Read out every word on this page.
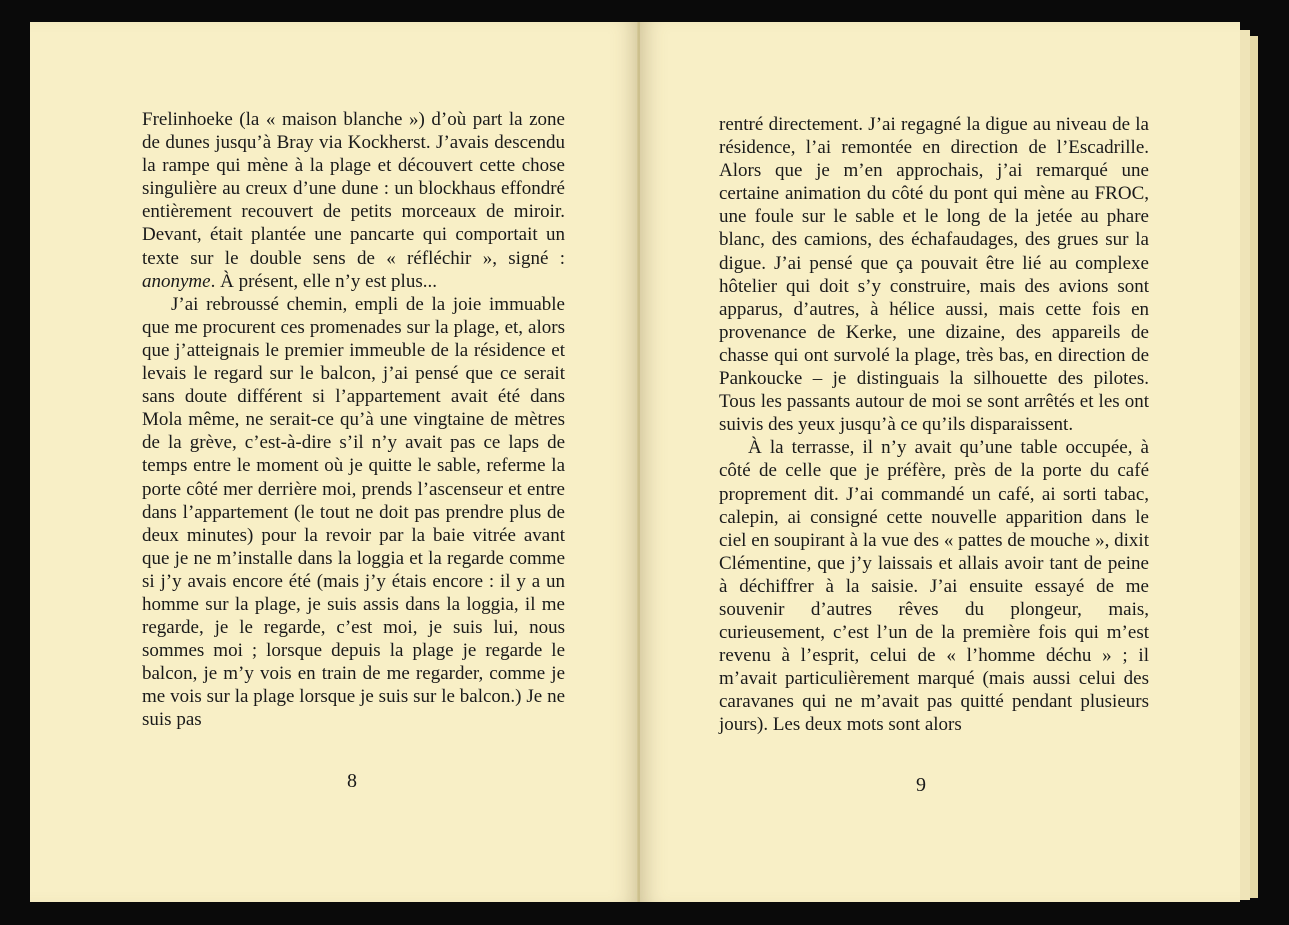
Frelinhoeke (la « maison blanche ») d’où part la zone de dunes jusqu’à Bray via Kockherst. J’avais descendu la rampe qui mène à la plage et découvert cette chose singulière au creux d’une dune : un blockhaus effondré entièrement recouvert de petits morceaux de miroir. Devant, était plantée une pancarte qui comportait un texte sur le double sens de « réfléchir », signé : anonyme. À présent, elle n’y est plus...

J’ai rebroussé chemin, empli de la joie immuable que me procurent ces promenades sur la plage, et, alors que j’atteignais le premier immeuble de la résidence et levais le regard sur le balcon, j’ai pensé que ce serait sans doute différent si l’appartement avait été dans Mola même, ne serait-ce qu’à une vingtaine de mètres de la grève, c’est-à-dire s’il n’y avait pas ce laps de temps entre le moment où je quitte le sable, referme la porte côté mer derrière moi, prends l’ascenseur et entre dans l’appartement (le tout ne doit pas prendre plus de deux minutes) pour la revoir par la baie vitrée avant que je ne m’installe dans la loggia et la regarde comme si j’y avais encore été (mais j’y étais encore : il y a un homme sur la plage, je suis assis dans la loggia, il me regarde, je le regarde, c’est moi, je suis lui, nous sommes moi ; lorsque depuis la plage je regarde le balcon, je m’y vois en train de me regarder, comme je me vois sur la plage lorsque je suis sur le balcon.) Je ne suis pas

8

rentré directement. J’ai regagné la digue au niveau de la résidence, l’ai remontée en direction de l’Escadrille. Alors que je m’en approchais, j’ai remarqué une certaine animation du côté du pont qui mène au FROC, une foule sur le sable et le long de la jetée au phare blanc, des camions, des échafaudages, des grues sur la digue. J’ai pensé que ça pouvait être lié au complexe hôtelier qui doit s’y construire, mais des avions sont apparus, d’autres, à hélice aussi, mais cette fois en provenance de Kerke, une dizaine, des appareils de chasse qui ont survolé la plage, très bas, en direction de Pankoucke – je distinguais la silhouette des pilotes. Tous les passants autour de moi se sont arrêtés et les ont suivis des yeux jusqu’à ce qu’ils disparaissent.

À la terrasse, il n’y avait qu’une table occupée, à côté de celle que je préfère, près de la porte du café proprement dit. J’ai commandé un café, ai sorti tabac, calepin, ai consigné cette nouvelle apparition dans le ciel en soupirant à la vue des « pattes de mouche », dixit Clémentine, que j’y laissais et allais avoir tant de peine à déchiffrer à la saisie. J’ai ensuite essayé de me souvenir d’autres rêves du plongeur, mais, curieusement, c’est l’un de la première fois qui m’est revenu à l’esprit, celui de « l’homme déchu » ; il m’avait particulièrement marqué (mais aussi celui des caravanes qui ne m’avait pas quitté pendant plusieurs jours). Les deux mots sont alors

9
